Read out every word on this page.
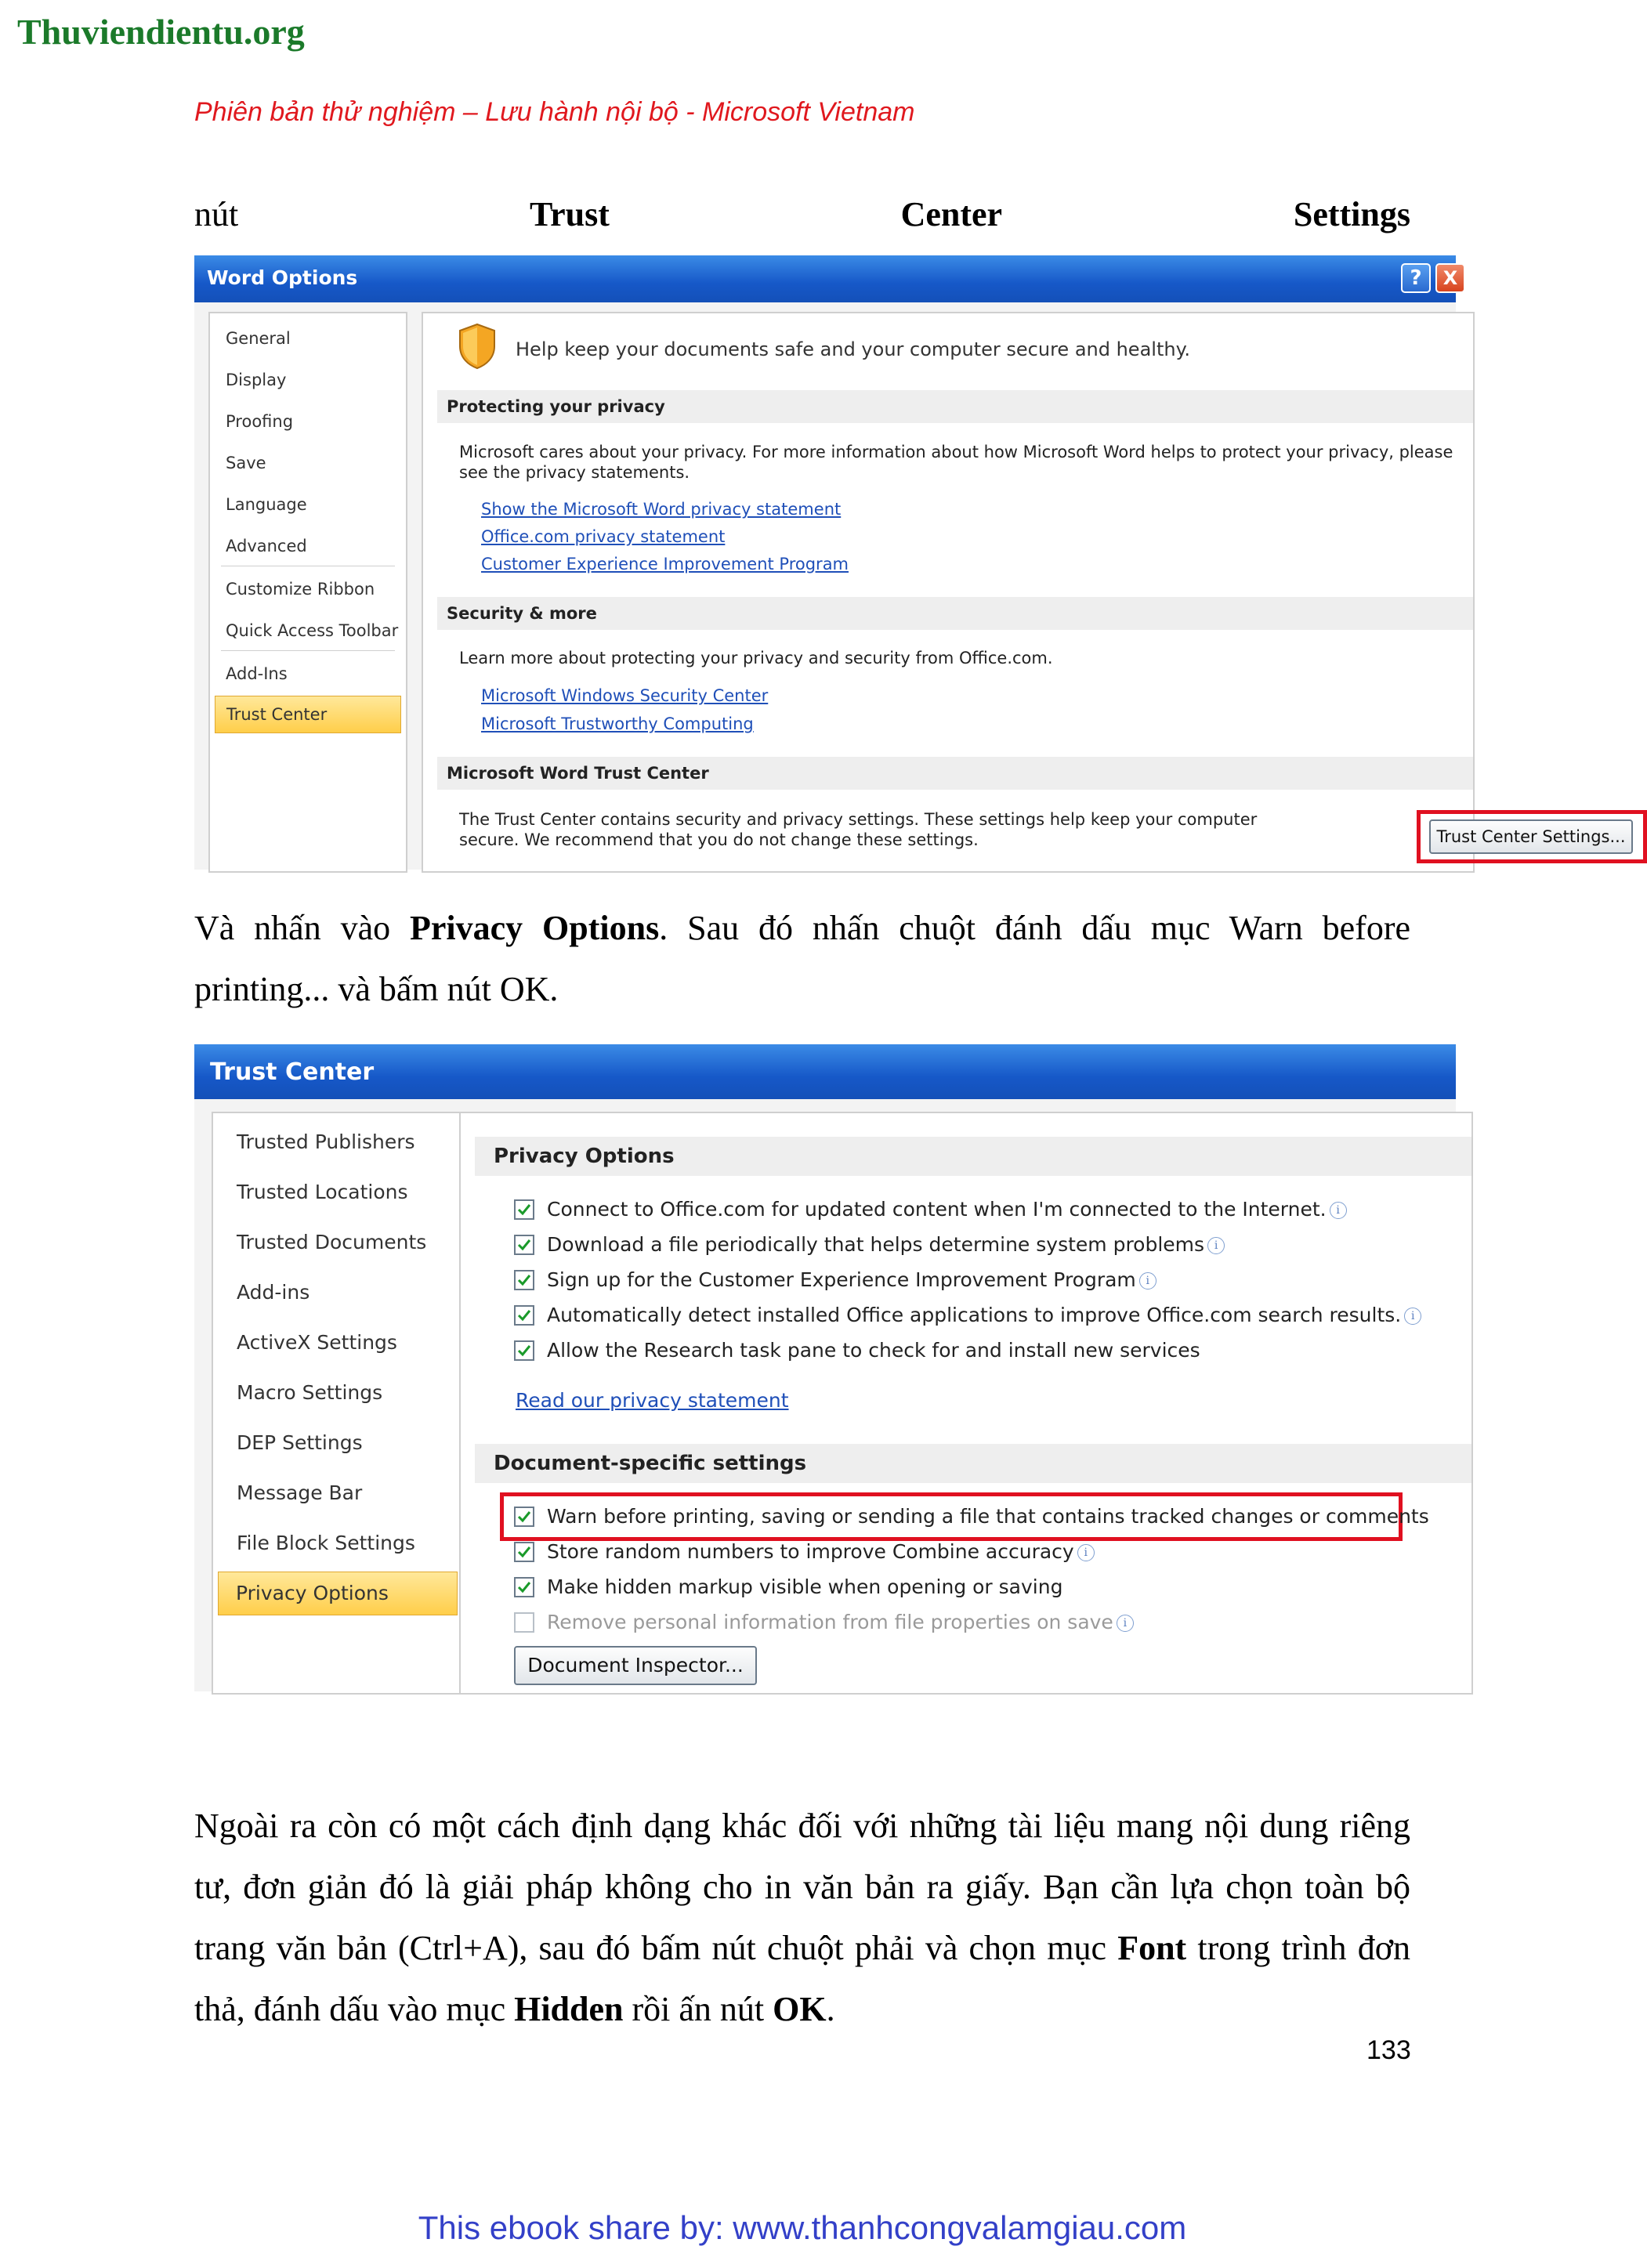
Thuviendientu.org
Phiên bản thử nghiệm – Lưu hành nội bộ - Microsoft Vietnam
nút	Trust	Center	Settings
Word Options	?	X
General
Display
Proofing
Save
Language
Advanced
Customize Ribbon
Quick Access Toolbar
Add-Ins
Trust Center
Help keep your documents safe and your computer secure and healthy.
Protecting your privacy
Microsoft cares about your privacy. For more information about how Microsoft Word helps to protect your privacy, please
see the privacy statements.
Show the Microsoft Word privacy statement
Office.com privacy statement
Customer Experience Improvement Program
Security & more
Learn more about protecting your privacy and security from Office.com.
Microsoft Windows Security Center
Microsoft Trustworthy Computing
Microsoft Word Trust Center
The Trust Center contains security and privacy settings. These settings help keep your computer
secure. We recommend that you do not change these settings.	Trust Center Settings...
Và nhấn vào Privacy Options. Sau đó nhấn chuột đánh dấu mục Warn before printing... và bấm nút OK.
Trust Center
Trusted Publishers
Trusted Locations
Trusted Documents
Add-ins
ActiveX Settings
Macro Settings
DEP Settings
Message Bar
File Block Settings
Privacy Options
Privacy Options
Connect to Office.com for updated content when I'm connected to the Internet. i
Download a file periodically that helps determine system problems i
Sign up for the Customer Experience Improvement Program i
Automatically detect installed Office applications to improve Office.com search results. i
Allow the Research task pane to check for and install new services
Read our privacy statement
Document-specific settings
Warn before printing, saving or sending a file that contains tracked changes or comments
Store random numbers to improve Combine accuracy i
Make hidden markup visible when opening or saving
Remove personal information from file properties on save i
Document Inspector...
Ngoài ra còn có một cách định dạng khác đối với những tài liệu mang nội dung riêng tư, đơn giản đó là giải pháp không cho in văn bản ra giấy. Bạn cần lựa chọn toàn bộ trang văn bản (Ctrl+A), sau đó bấm nút chuột phải và chọn mục Font trong trình đơn thả, đánh dấu vào mục Hidden rồi ấn nút OK.
133
This ebook share by: www.thanhcongvalamgiau.com
